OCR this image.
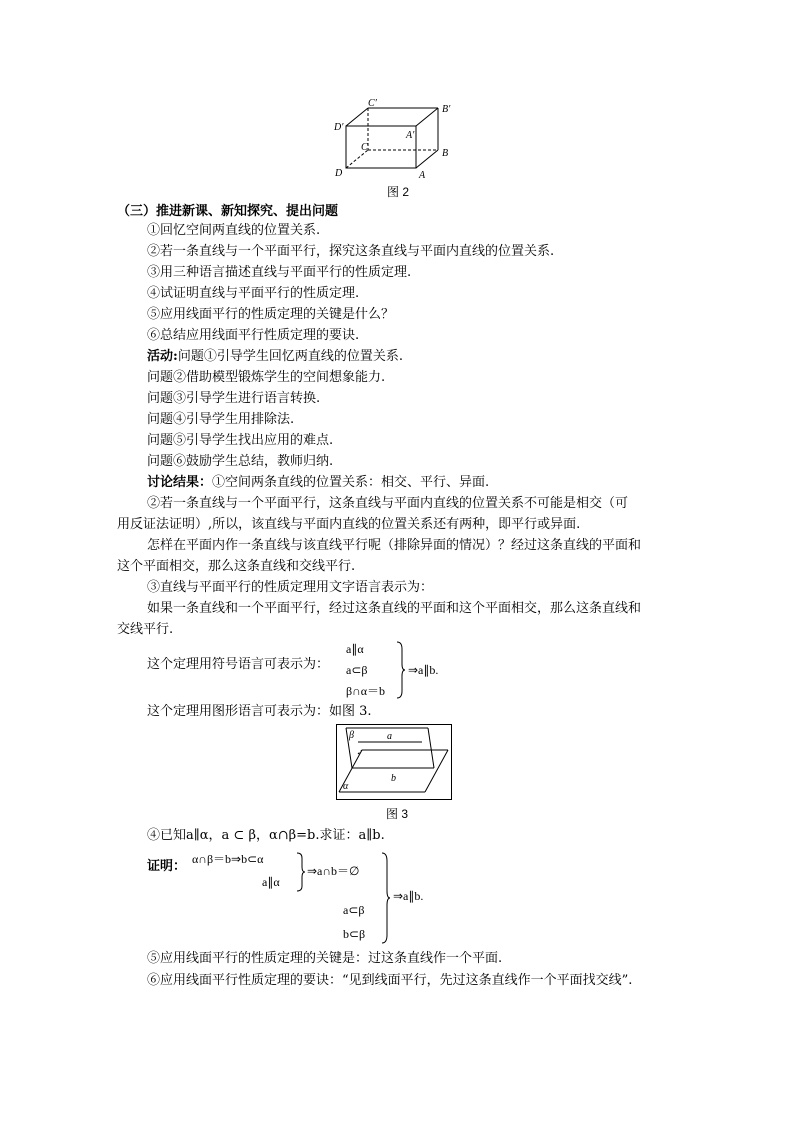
C′
B′
D′
A′
C
B
D	A
图 2
（三）推进新课、新知探究、提出问题
①回忆空间两直线的位置关系.
②若一条直线与一个平面平行，探究这条直线与平面内直线的位置关系.
③用三种语言描述直线与平面平行的性质定理.
④试证明直线与平面平行的性质定理.
⑤应用线面平行的性质定理的关键是什么？
⑥总结应用线面平行性质定理的要诀.
活动:问题①引导学生回忆两直线的位置关系.
问题②借助模型锻炼学生的空间想象能力.
问题③引导学生进行语言转换.
问题④引导学生用排除法.
问题⑤引导学生找出应用的难点.
问题⑥鼓励学生总结，教师归纳.
讨论结果：①空间两条直线的位置关系：相交、平行、异面.
②若一条直线与一个平面平行，这条直线与平面内直线的位置关系不可能是相交（可
用反证法证明）,所以，该直线与平面内直线的位置关系还有两种，即平行或异面.
怎样在平面内作一条直线与该直线平行呢（排除异面的情况）？经过这条直线的平面和
这个平面相交，那么这条直线和交线平行.
③直线与平面平行的性质定理用文字语言表示为：
如果一条直线和一个平面平行，经过这条直线的平面和这个平面相交，那么这条直线和
交线平行.
这个定理用符号语言可表示为：
a∥α
a⊂β
β∩α＝b
⇒a∥b.
这个定理用图形语言可表示为：如图 3.
β	a
b
α
图 3
④已知a∥α，a ⊂ β，α∩β=b.求证：a∥b.
证明： α∩β＝b⇒b⊂α
a∥α
⇒a∩b＝∅
a⊂β
b⊂β
⇒a∥b.
⑤应用线面平行的性质定理的关键是：过这条直线作一个平面.
⑥应用线面平行性质定理的要诀：“见到线面平行，先过这条直线作一个平面找交线”.
